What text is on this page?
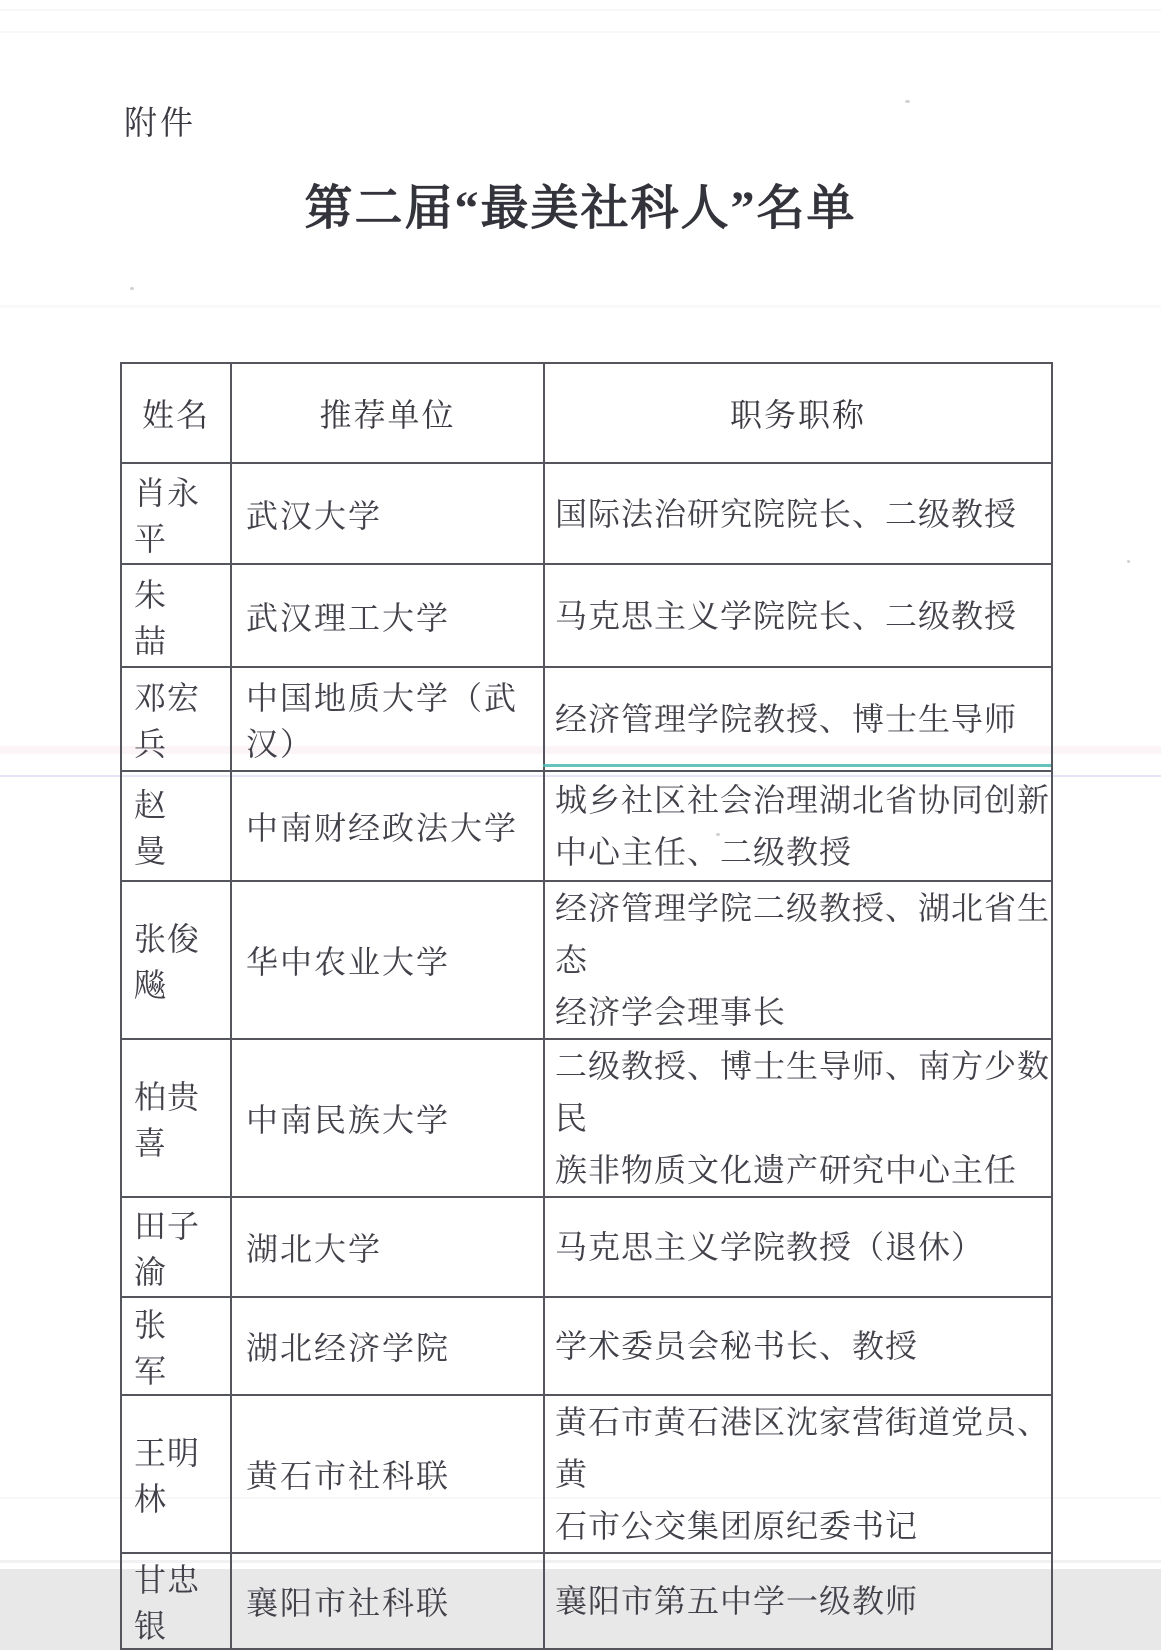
附件
第二届“最美社科人”名单
姓名	推荐单位	职务职称
肖永平	武汉大学	国际法治研究院院长、二级教授
朱　喆	武汉理工大学	马克思主义学院院长、二级教授
邓宏兵	中国地质大学（武汉）	经济管理学院教授、博士生导师
赵　曼	中南财经政法大学	城乡社区社会治理湖北省协同创新
中心主任、二级教授
张俊飚	华中农业大学	经济管理学院二级教授、湖北省生态
经济学会理事长
柏贵喜	中南民族大学	二级教授、博士生导师、南方少数民
族非物质文化遗产研究中心主任
田子渝	湖北大学	马克思主义学院教授（退休）
张　军	湖北经济学院	学术委员会秘书长、教授
王明林	黄石市社科联	黄石市黄石港区沈家营街道党员、黄
石市公交集团原纪委书记
甘忠银	襄阳市社科联	襄阳市第五中学一级教师
